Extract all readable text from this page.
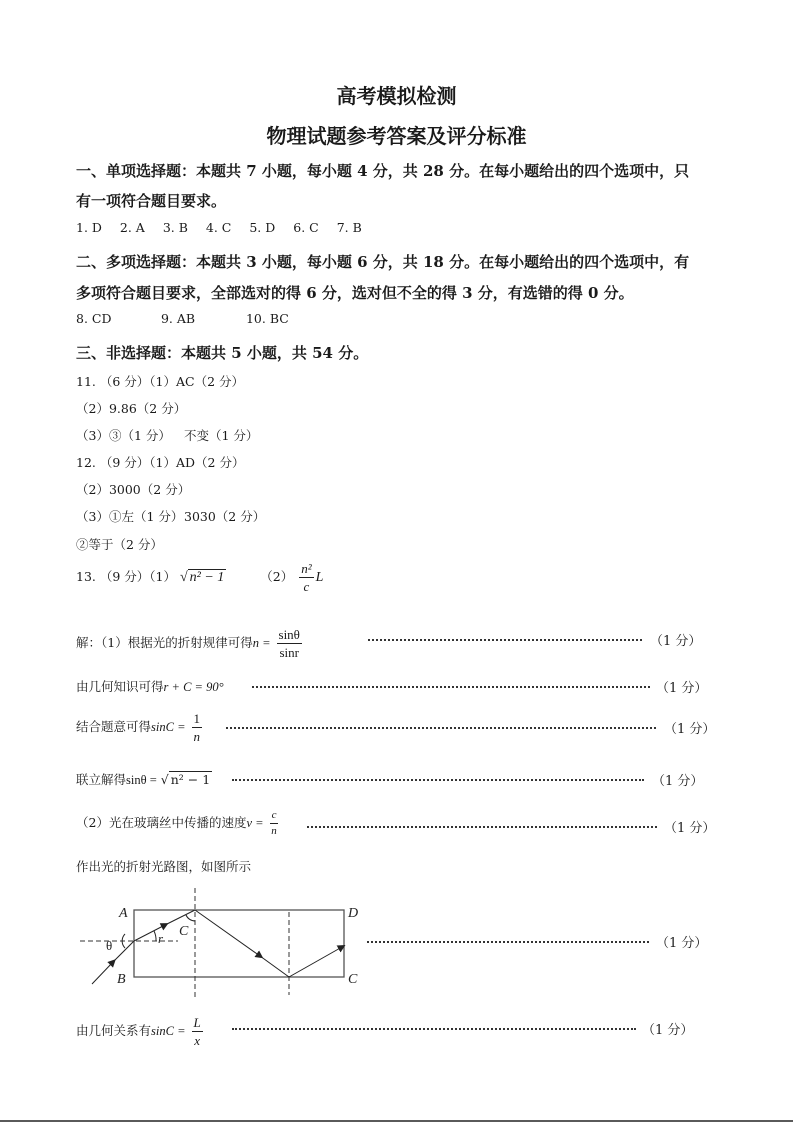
高考模拟检测
物理试题参考答案及评分标准
一、单项选择题：本题共 7 小题，每小题 4 分，共 28 分。在每小题给出的四个选项中，只
有一项符合题目要求。
1. D 2. A 3. B 4. C 5. D 6. C 7. B
二、多项选择题：本题共 3 小题，每小题 6 分，共 18 分。在每小题给出的四个选项中，有
多项符合题目要求，全部选对的得 6 分，选对但不全的得 3 分，有选错的得 0 分。
8. CD	9. AB	10. BC
三、非选择题：本题共 5 小题，共 54 分。
11. （6 分）（1）AC（2 分）
（2）9.86（2 分）
（3）③（1 分） 不变（1 分）
12. （9 分）（1）AD（2 分）
（2）3000（2 分）
（3）①左（1 分）3030（2 分）
②等于（2 分）
13. （9 分）（1） √ n² − 1	$(2) \frac{\text{n²}}{c}$ L
解：（1）根据光的折射规律可得$n = \frac{\sin\theta}{\sin r}$	（1 分）
由几何知识可得r + C = 90°	（1 分）
结合题意可得$\sin C = \frac{1}{n}$	（1 分）
联立解得sinθ = √ n² − 1	（1 分）
（2）光在玻璃丝中传播的速度$v = \frac{c}{n}$	（1 分）
作出光的折射光路图，如图所示
A
B
D
C
θ	r C
（1 分）
由几何关系有$\sin C = \frac{L}{x}$	（1 分）
